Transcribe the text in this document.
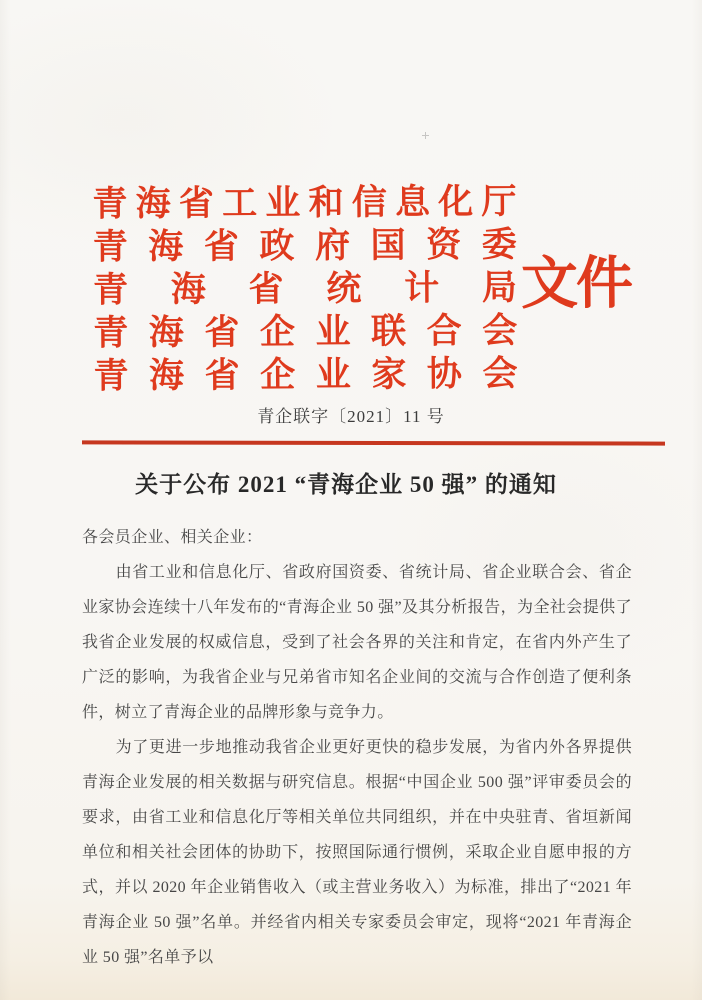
青海省工业和信息化厅
青海省政府国资委
青海省统计局
青海省企业联合会
青海省企业家协会
文件
青企联字〔2021〕11 号
关于公布 2021 “青海企业 50 强” 的通知
各会员企业、相关企业：
由省工业和信息化厅、省政府国资委、省统计局、省企业联合会、省企业家协会连续十八年发布的“青海企业 50 强”及其分析报告，为全社会提供了我省企业发展的权威信息，受到了社会各界的关注和肯定，在省内外产生了广泛的影响，为我省企业与兄弟省市知名企业间的交流与合作创造了便利条件，树立了青海企业的品牌形象与竞争力。
为了更进一步地推动我省企业更好更快的稳步发展，为省内外各界提供青海企业发展的相关数据与研究信息。根据“中国企业 500 强”评审委员会的要求，由省工业和信息化厅等相关单位共同组织，并在中央驻青、省垣新闻单位和相关社会团体的协助下，按照国际通行惯例，采取企业自愿申报的方式，并以 2020 年企业销售收入（或主营业务收入）为标准，排出了“2021 年青海企业 50 强”名单。并经省内相关专家委员会审定，现将“2021 年青海企业 50 强”名单予以
